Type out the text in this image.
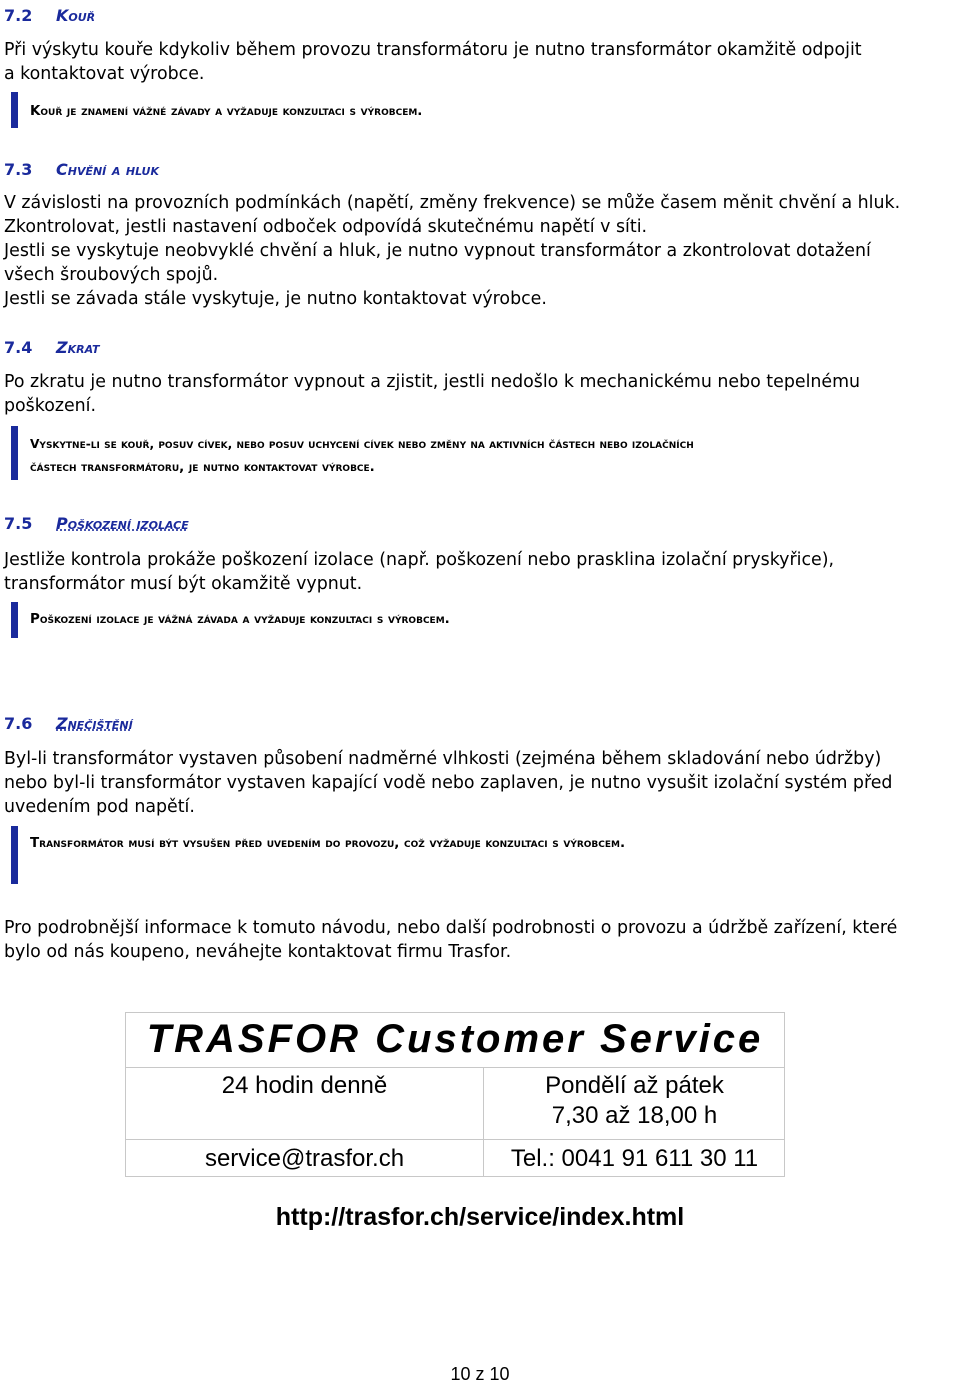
7.2 Kouř
Při výskytu kouře kdykoliv během provozu transformátoru je nutno transformátor okamžitě odpojit
a kontaktovat výrobce.
Kouř je znamení vážné závady a vyžaduje konzultaci s výrobcem.
7.3 Chvění a hluk
V závislosti na provozních podmínkách (napětí, změny frekvence) se může časem měnit chvění a hluk.
Zkontrolovat, jestli nastavení odboček odpovídá skutečnému napětí v síti.
Jestli se vyskytuje neobvyklé chvění a hluk, je nutno vypnout transformátor a zkontrolovat dotažení
všech šroubových spojů.
Jestli se závada stále vyskytuje, je nutno kontaktovat výrobce.
7.4 Zkrat
Po zkratu je nutno transformátor vypnout a zjistit, jestli nedošlo k mechanickému nebo tepelnému
poškození.
Vyskytne-li se kouř, posuv cívek, nebo posuv uchycení cívek nebo změny na aktivních částech nebo izolačních
částech transformátoru, je nutno kontaktovat výrobce.
7.5 Poškození izolace
Jestliže kontrola prokáže poškození izolace (např. poškození nebo prasklina izolační pryskyřice),
transformátor musí být okamžitě vypnut.
Poškození izolace je vážná závada a vyžaduje konzultaci s výrobcem.
7.6 Znečištění
Byl-li transformátor vystaven působení nadměrné vlhkosti (zejména během skladování nebo údržby)
nebo byl-li transformátor vystaven kapající vodě nebo zaplaven, je nutno vysušit izolační systém před
uvedením pod napětí.
Transformátor musí být vysušen před uvedením do provozu, což vyžaduje konzultaci s výrobcem.
Pro podrobnější informace k tomuto návodu, nebo další podrobnosti o provozu a údržbě zařízení, které
bylo od nás koupeno, neváhejte kontaktovat firmu Trasfor.
TRASFOR Customer Service
24 hodin denně	Pondělí až pátek
7,30 až 18,00 h
service@trasfor.ch	Tel.: 0041 91 611 30 11
http://trasfor.ch/service/index.html
10 z 10
